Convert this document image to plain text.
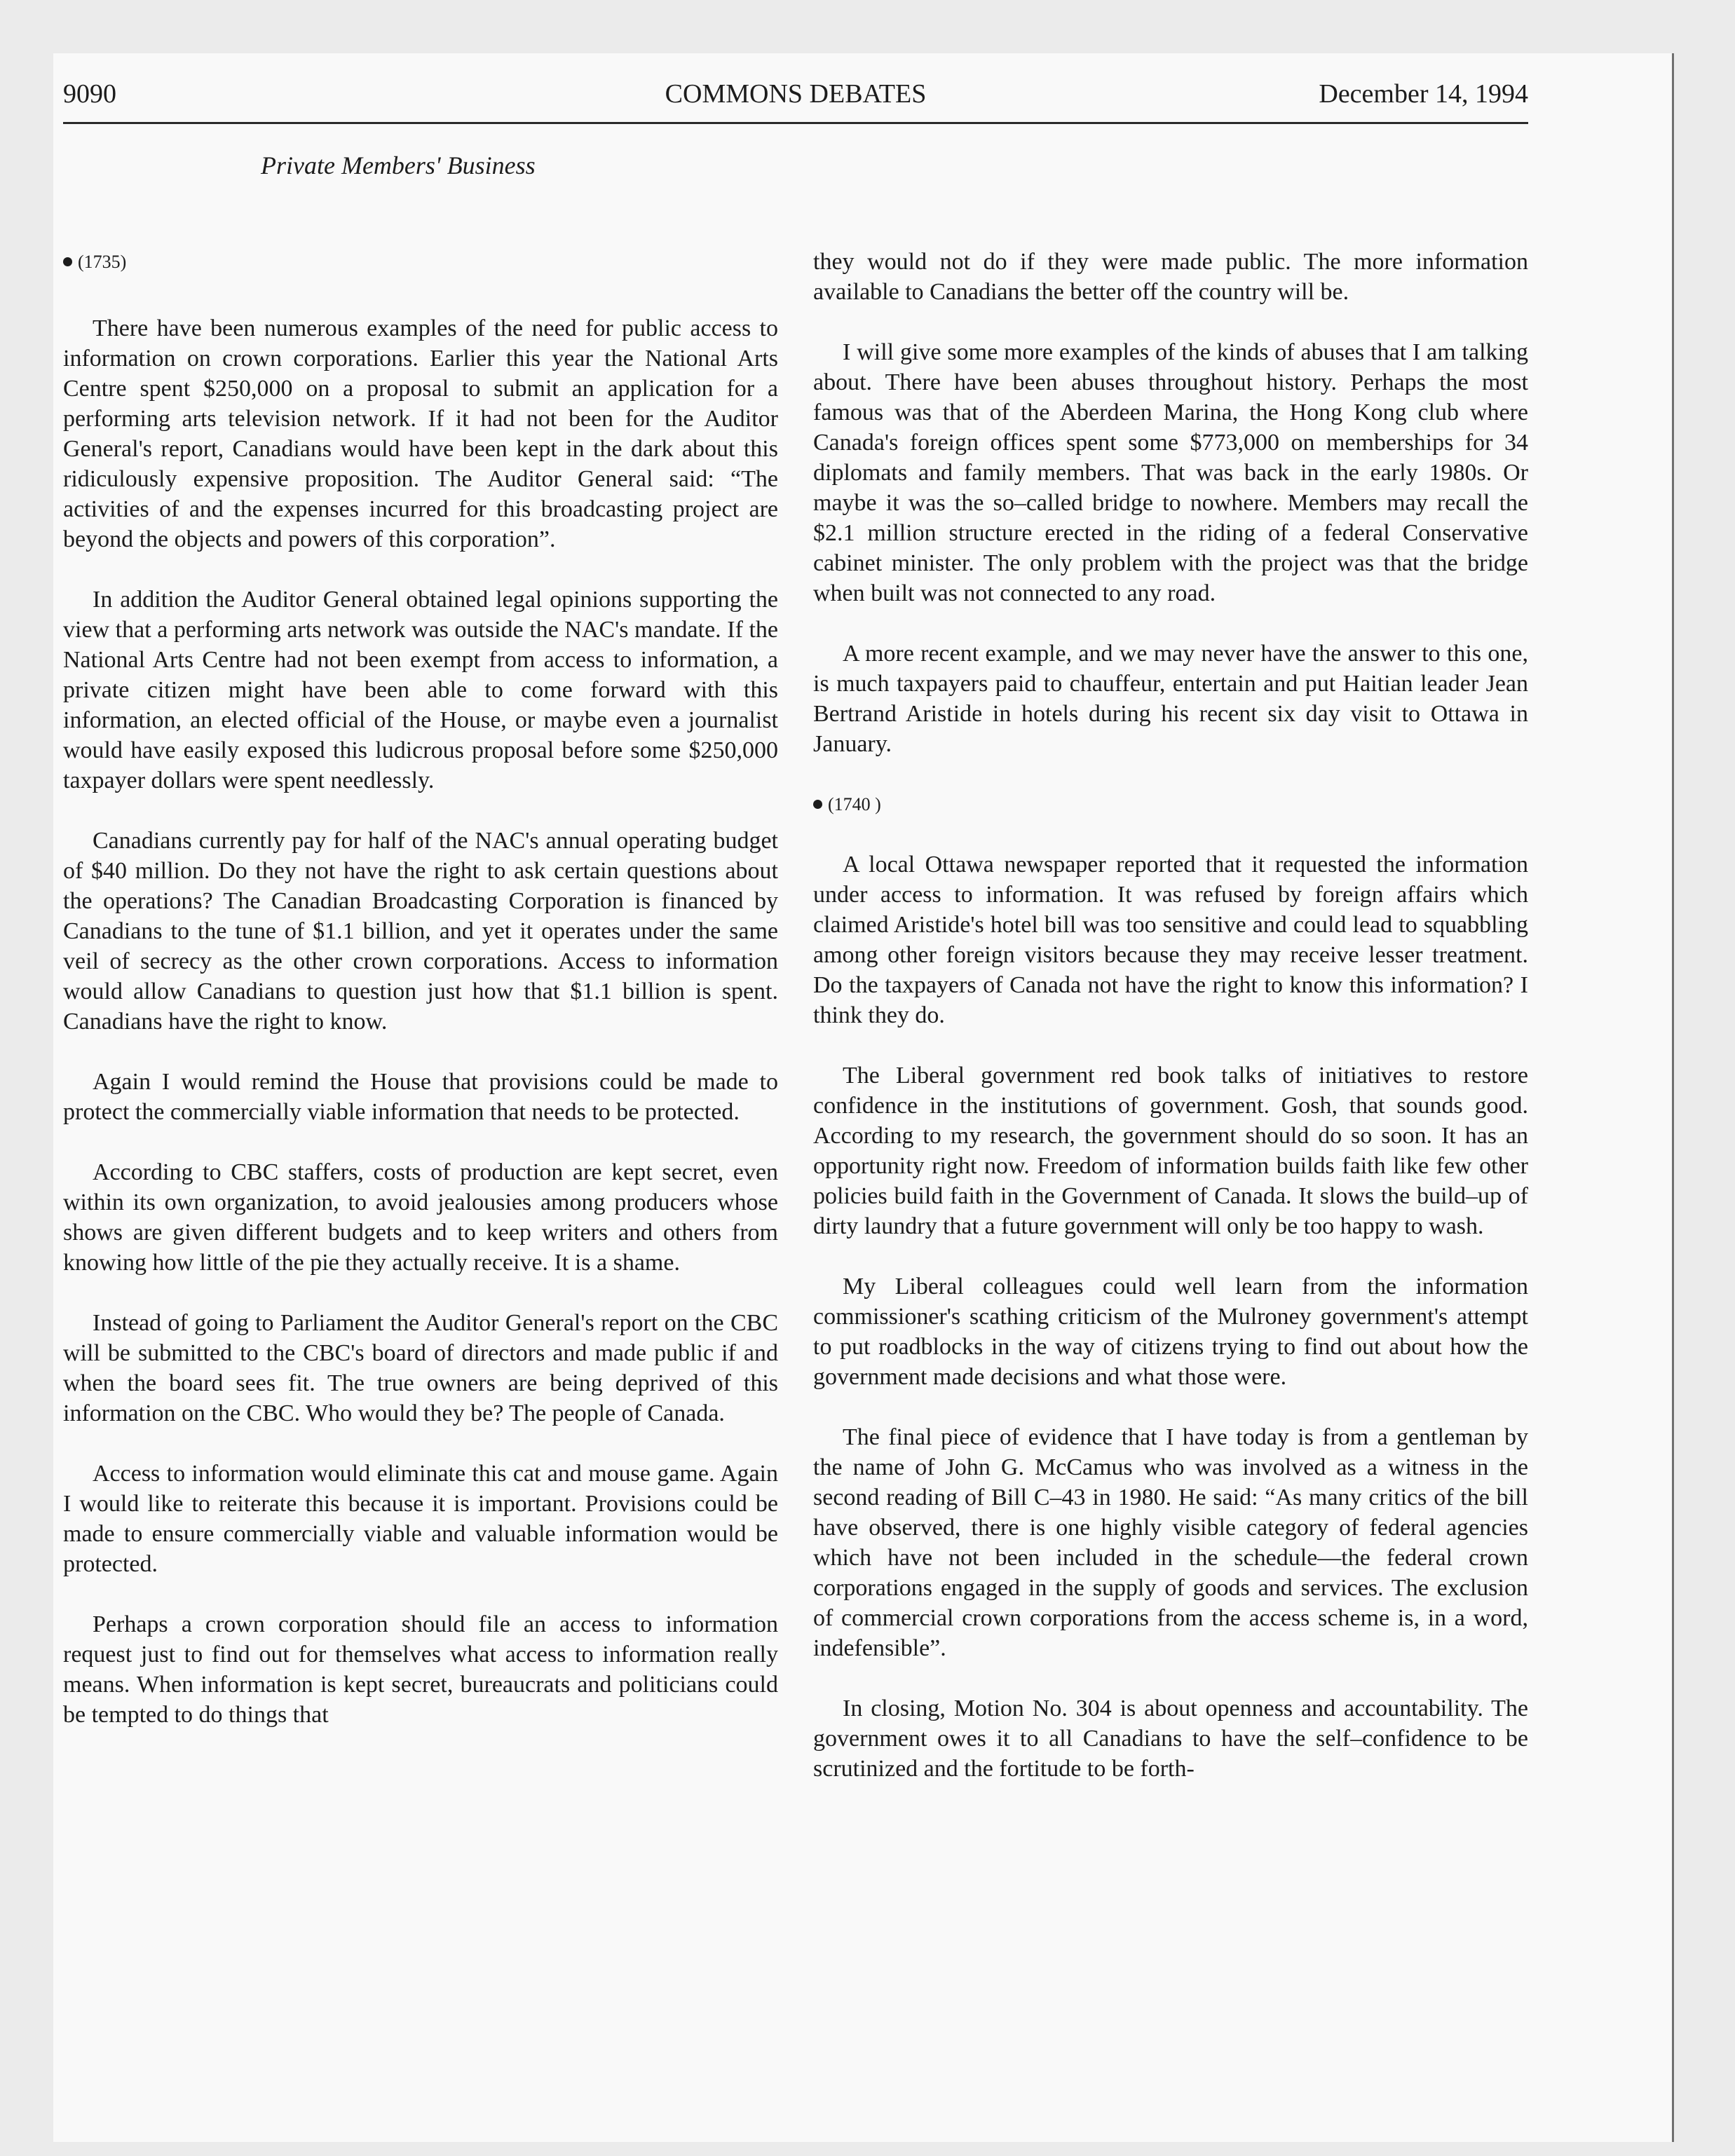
9090	COMMONS DEBATES	December 14, 1994
Private Members' Business
(1735)

There have been numerous examples of the need for public access to information on crown corporations. Earlier this year the National Arts Centre spent $250,000 on a proposal to submit an application for a performing arts television network. If it had not been for the Auditor General's report, Canadians would have been kept in the dark about this ridiculously expensive proposition. The Auditor General said: “The activities of and the expenses incurred for this broadcasting project are beyond the objects and powers of this corporation”.

In addition the Auditor General obtained legal opinions supporting the view that a performing arts network was outside the NAC's mandate. If the National Arts Centre had not been exempt from access to information, a private citizen might have been able to come forward with this information, an elected official of the House, or maybe even a journalist would have easily exposed this ludicrous proposal before some $250,000 taxpayer dollars were spent needlessly.

Canadians currently pay for half of the NAC's annual operating budget of $40 million. Do they not have the right to ask certain questions about the operations? The Canadian Broadcasting Corporation is financed by Canadians to the tune of $1.1 billion, and yet it operates under the same veil of secrecy as the other crown corporations. Access to information would allow Canadians to question just how that $1.1 billion is spent. Canadians have the right to know.

Again I would remind the House that provisions could be made to protect the commercially viable information that needs to be protected.

According to CBC staffers, costs of production are kept secret, even within its own organization, to avoid jealousies among producers whose shows are given different budgets and to keep writers and others from knowing how little of the pie they actually receive. It is a shame.

Instead of going to Parliament the Auditor General's report on the CBC will be submitted to the CBC's board of directors and made public if and when the board sees fit. The true owners are being deprived of this information on the CBC. Who would they be? The people of Canada.

Access to information would eliminate this cat and mouse game. Again I would like to reiterate this because it is important. Provisions could be made to ensure commercially viable and valuable information would be protected.

Perhaps a crown corporation should file an access to information request just to find out for themselves what access to information really means. When information is kept secret, bureaucrats and politicians could be tempted to do things that

they would not do if they were made public. The more information available to Canadians the better off the country will be.

I will give some more examples of the kinds of abuses that I am talking about. There have been abuses throughout history. Perhaps the most famous was that of the Aberdeen Marina, the Hong Kong club where Canada's foreign offices spent some $773,000 on memberships for 34 diplomats and family members. That was back in the early 1980s. Or maybe it was the so–called bridge to nowhere. Members may recall the $2.1 million structure erected in the riding of a federal Conservative cabinet minister. The only problem with the project was that the bridge when built was not connected to any road.

A more recent example, and we may never have the answer to this one, is much taxpayers paid to chauffeur, entertain and put Haitian leader Jean Bertrand Aristide in hotels during his recent six day visit to Ottawa in January.

(1740 )

A local Ottawa newspaper reported that it requested the information under access to information. It was refused by foreign affairs which claimed Aristide's hotel bill was too sensitive and could lead to squabbling among other foreign visitors because they may receive lesser treatment. Do the taxpayers of Canada not have the right to know this information? I think they do.

The Liberal government red book talks of initiatives to restore confidence in the institutions of government. Gosh, that sounds good. According to my research, the government should do so soon. It has an opportunity right now. Freedom of information builds faith like few other policies build faith in the Government of Canada. It slows the build–up of dirty laundry that a future government will only be too happy to wash.

My Liberal colleagues could well learn from the information commissioner's scathing criticism of the Mulroney government's attempt to put roadblocks in the way of citizens trying to find out about how the government made decisions and what those were.

The final piece of evidence that I have today is from a gentleman by the name of John G. McCamus who was involved as a witness in the second reading of Bill C–43 in 1980. He said: “As many critics of the bill have observed, there is one highly visible category of federal agencies which have not been included in the schedule—the federal crown corporations engaged in the supply of goods and services. The exclusion of commercial crown corporations from the access scheme is, in a word, indefensible”.

In closing, Motion No. 304 is about openness and accountability. The government owes it to all Canadians to have the self–confidence to be scrutinized and the fortitude to be forth-
